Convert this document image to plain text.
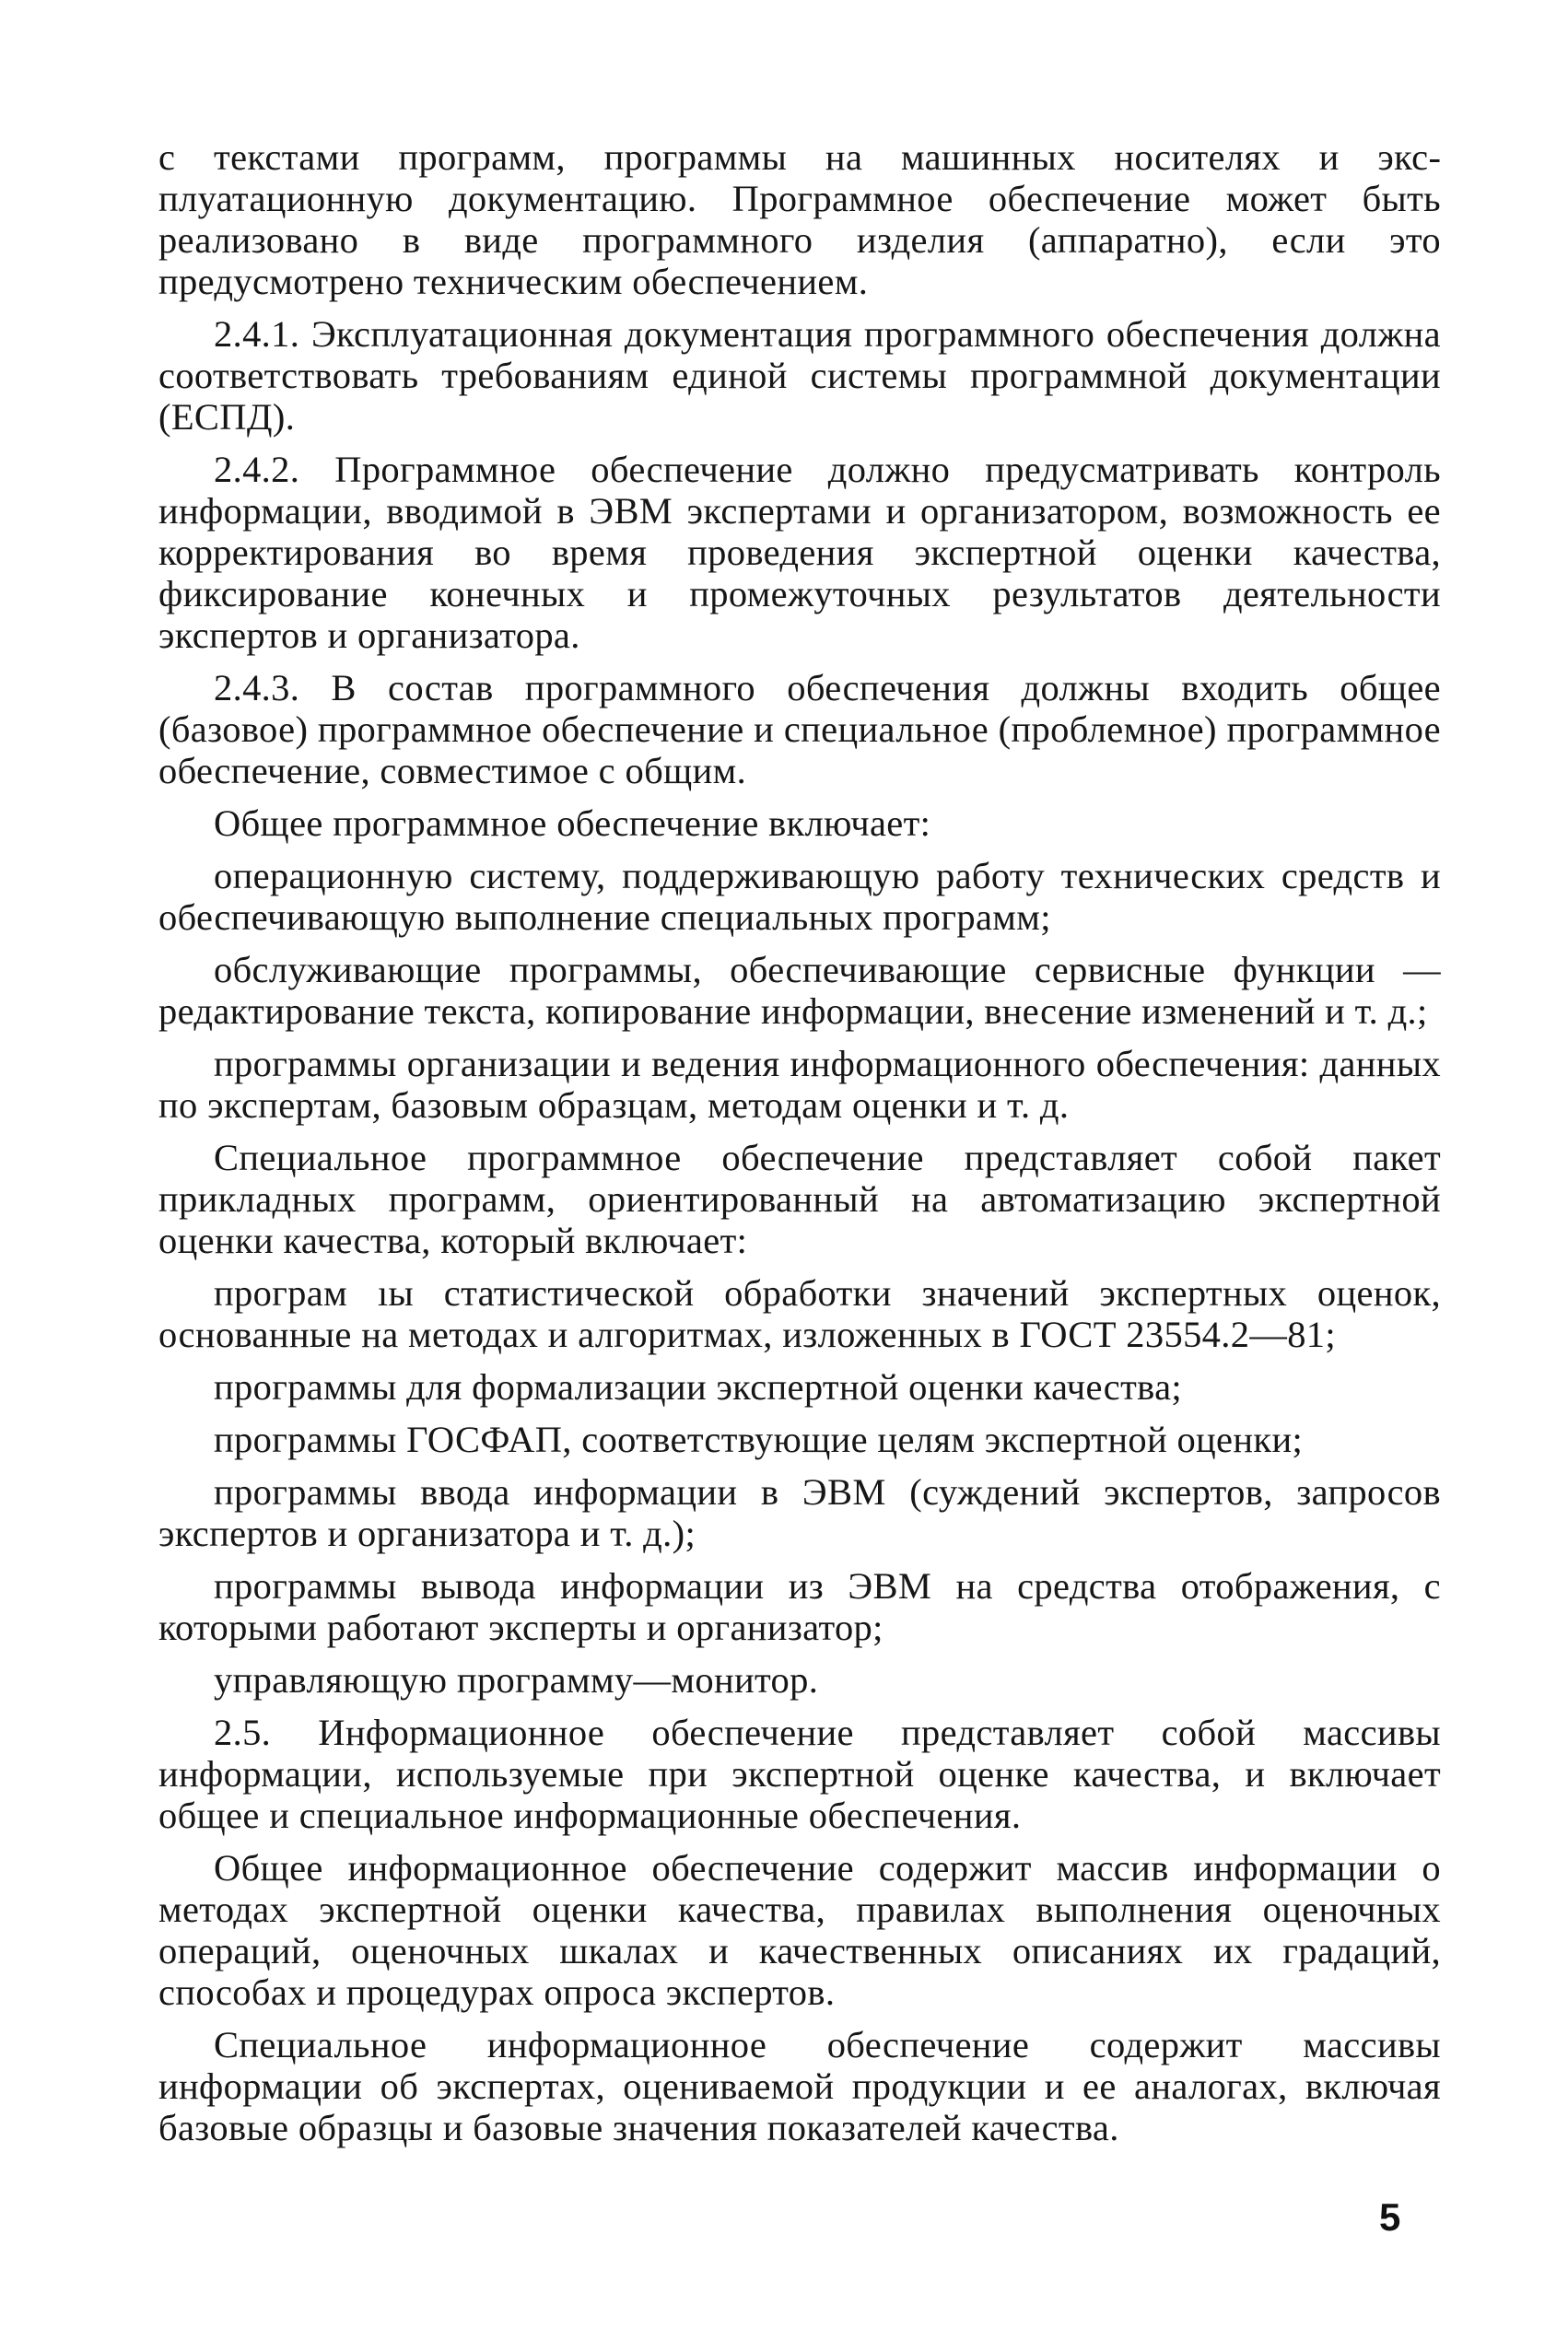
с текстами программ, программы на машинных носителях и эксплуатационную документацию. Программное обеспечение может быть реализовано в виде программного изделия (аппаратно), если это предусмотрено техническим обеспечением.

2.4.1. Эксплуатационная документация программного обеспечения должна соответствовать требованиям единой системы программной документации (ЕСПД).

2.4.2. Программное обеспечение должно предусматривать контроль информации, вводимой в ЭВМ экспертами и организатором, возможность ее корректирования во время проведения экспертной оценки качества, фиксирование конечных и промежуточных результатов деятельности экспертов и организатора.

2.4.3. В состав программного обеспечения должны входить общее (базовое) программное обеспечение и специальное (проблемное) программное обеспечение, совместимое с общим.

Общее программное обеспечение включает:

операционную систему, поддерживающую работу технических средств и обеспечивающую выполнение специальных программ;

обслуживающие программы, обеспечивающие сервисные функции — редактирование текста, копирование информации, внесение изменений и т. д.;

программы организации и ведения информационного обеспечения: данных по экспертам, базовым образцам, методам оценки и т. д.

Специальное программное обеспечение представляет собой пакет прикладных программ, ориентированный на автоматизацию экспертной оценки качества, который включает:

програм ıы статистической обработки значений экспертных оценок, основанные на методах и алгоритмах, изложенных в ГОСТ 23554.2—81;

программы для формализации экспертной оценки качества;

программы ГОСФАП, соответствующие целям экспертной оценки;

программы ввода информации в ЭВМ (суждений экспертов, запросов экспертов и организатора и т. д.);

программы вывода информации из ЭВМ на средства отображения, с которыми работают эксперты и организатор;

управляющую программу—монитор.

2.5. Информационное обеспечение представляет собой массивы информации, используемые при экспертной оценке качества, и включает общее и специальное информационные обеспечения.

Общее информационное обеспечение содержит массив информации о методах экспертной оценки качества, правилах выполнения оценочных операций, оценочных шкалах и качественных описаниях их градаций, способах и процедурах опроса экспертов.

Специальное информационное обеспечение содержит массивы информации об экспертах, оцениваемой продукции и ее аналогах, включая базовые образцы и базовые значения показателей качества.

5
